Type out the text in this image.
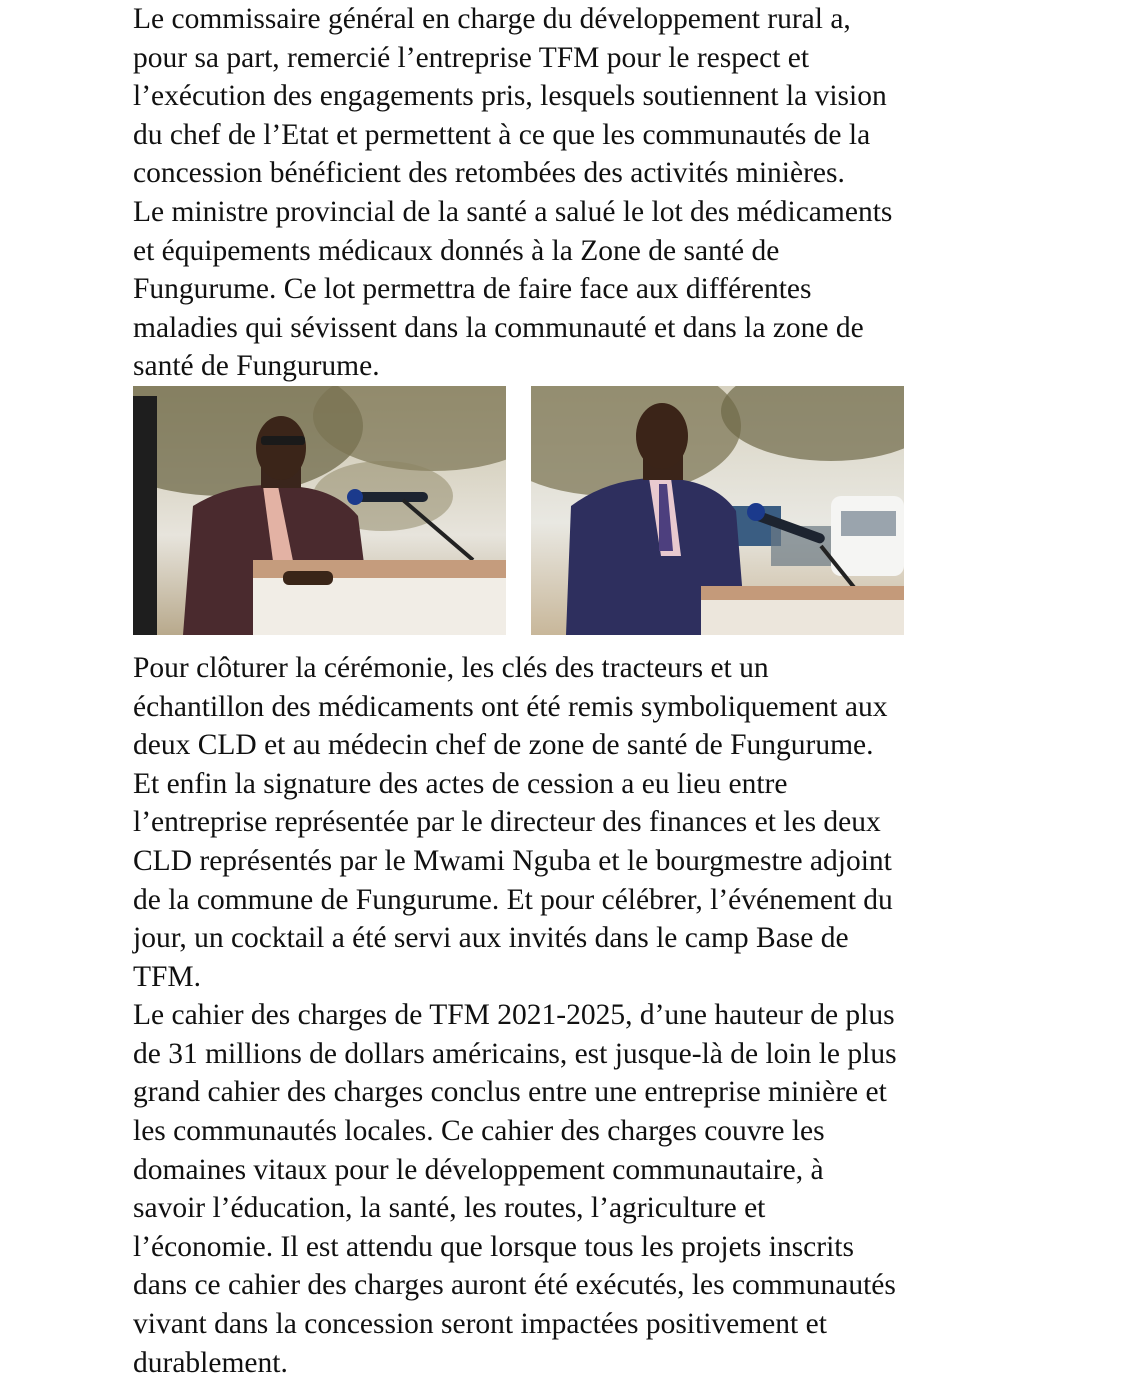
Le commissaire général en charge du développement rural a,
pour sa part, remercié l’entreprise TFM pour le respect et
l’exécution des engagements pris, lesquels soutiennent la vision
du chef de l’Etat et permettent à ce que les communautés de la
concession bénéficient des retombées des activités minières.

Le ministre provincial de la santé a salué le lot des médicaments
et équipements médicaux donnés à la Zone de santé de
Fungurume. Ce lot permettra de faire face aux différentes
maladies qui sévissent dans la communauté et dans la zone de
santé de Fungurume.

Pour clôturer la cérémonie, les clés des tracteurs et un
échantillon des médicaments ont été remis symboliquement aux
deux CLD et au médecin chef de zone de santé de Fungurume.
Et enfin la signature des actes de cession a eu lieu entre
l’entreprise représentée par le directeur des finances et les deux
CLD représentés par le Mwami Nguba et le bourgmestre adjoint
de la commune de Fungurume. Et pour célébrer, l’événement du
jour, un cocktail a été servi aux invités dans le camp Base de
TFM.

Le cahier des charges de TFM 2021-2025, d’une hauteur de plus
de 31 millions de dollars américains, est jusque-là de loin le plus
grand cahier des charges conclus entre une entreprise minière et
les communautés locales. Ce cahier des charges couvre les
domaines vitaux pour le développement communautaire, à
savoir l’éducation, la santé, les routes, l’agriculture et
l’économie. Il est attendu que lorsque tous les projets inscrits
dans ce cahier des charges auront été exécutés, les communautés
vivant dans la concession seront impactées positivement et
durablement.
